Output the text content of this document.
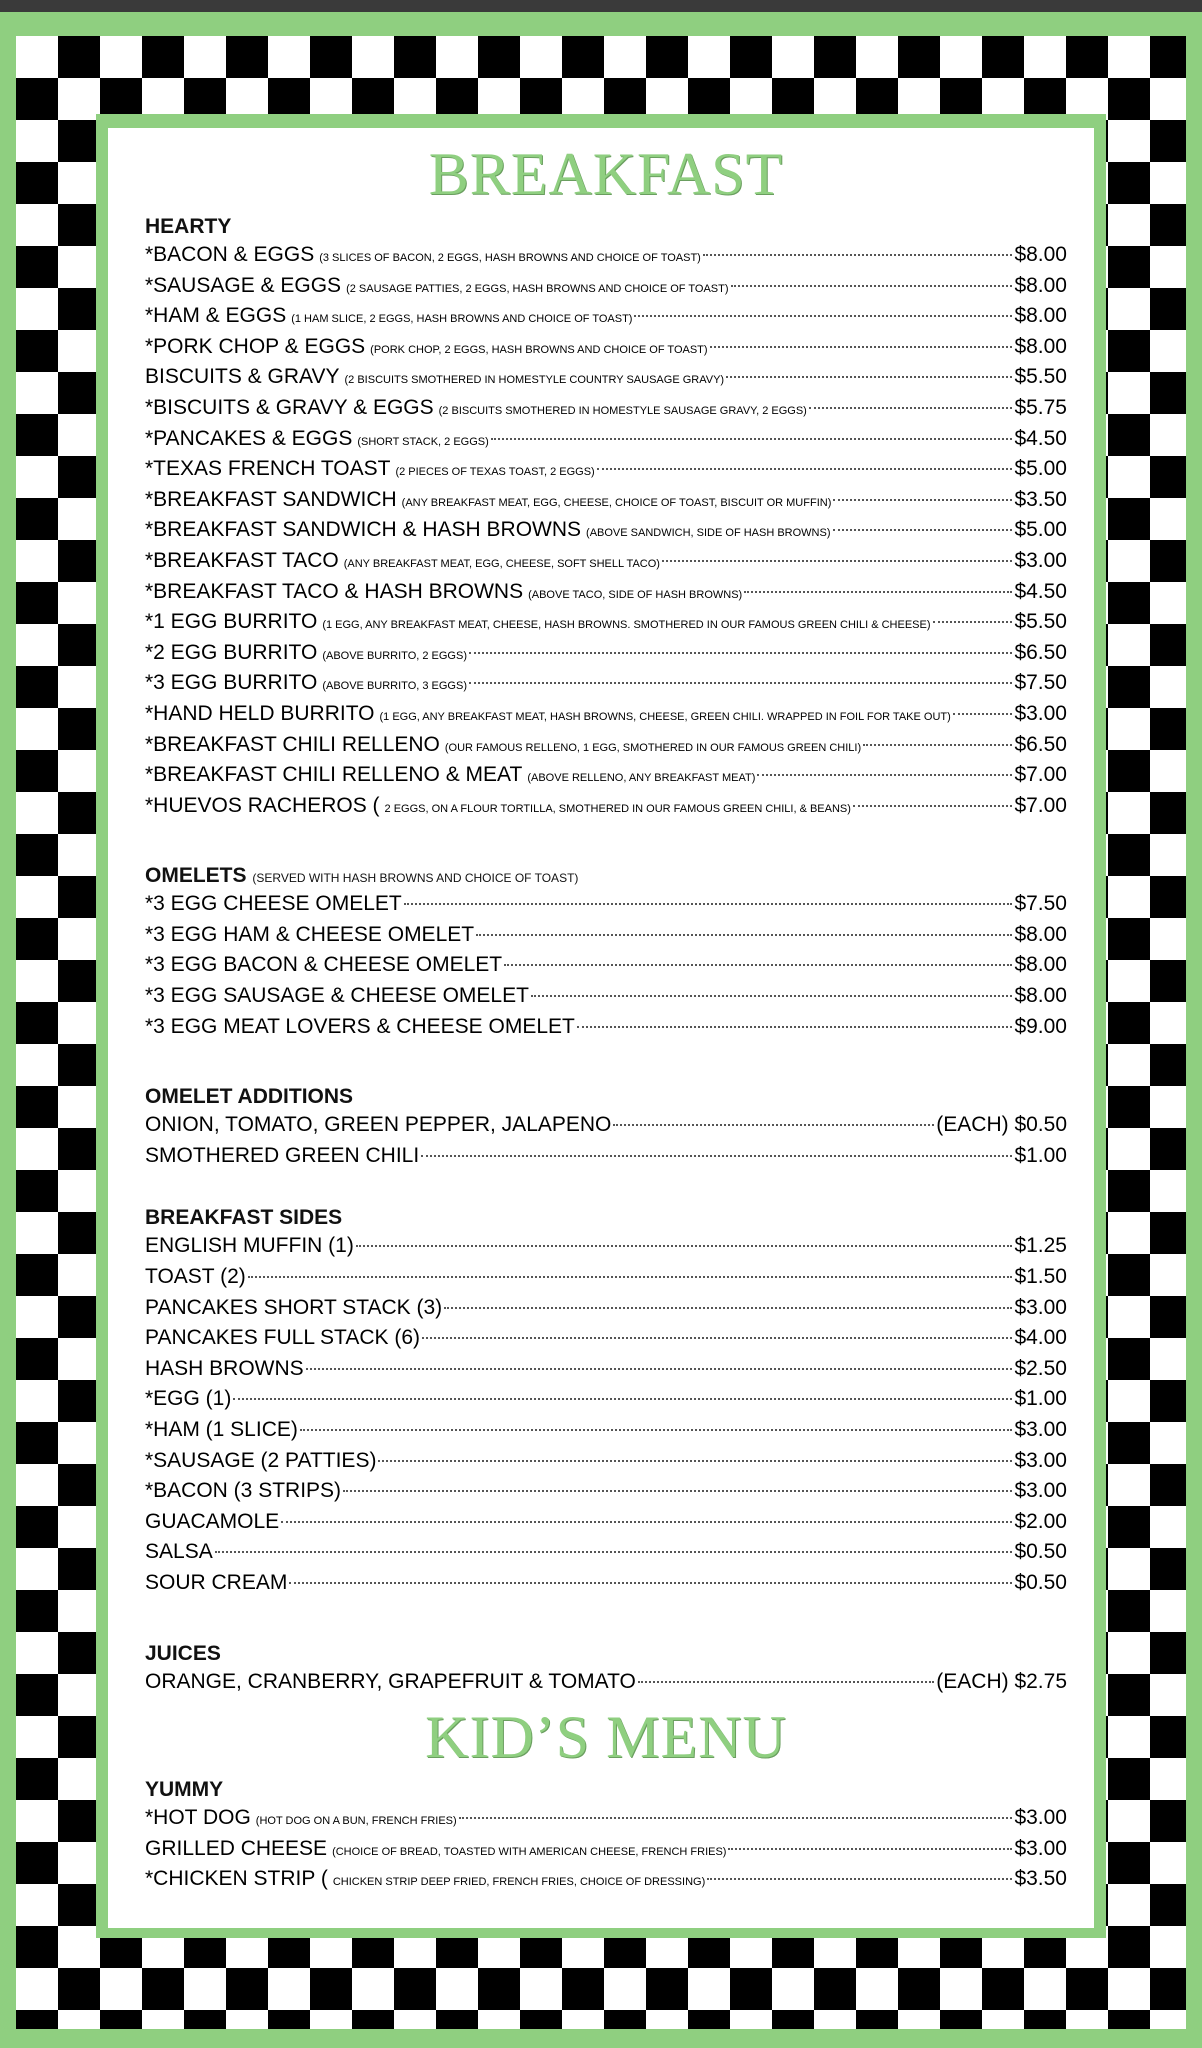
BREAKFAST
HEARTY
*BACON & EGGS (3 SLICES OF BACON, 2 EGGS, HASH BROWNS AND CHOICE OF TOAST)	$8.00
*SAUSAGE & EGGS (2 SAUSAGE PATTIES, 2 EGGS, HASH BROWNS AND CHOICE OF TOAST)	$8.00
*HAM & EGGS (1 HAM SLICE, 2 EGGS, HASH BROWNS AND CHOICE OF TOAST)	$8.00
*PORK CHOP & EGGS (PORK CHOP, 2 EGGS, HASH BROWNS AND CHOICE OF TOAST)	$8.00
BISCUITS & GRAVY (2 BISCUITS SMOTHERED IN HOMESTYLE COUNTRY SAUSAGE GRAVY)	$5.50
*BISCUITS & GRAVY & EGGS (2 BISCUITS SMOTHERED IN HOMESTYLE SAUSAGE GRAVY, 2 EGGS)	$5.75
*PANCAKES & EGGS (SHORT STACK, 2 EGGS)	$4.50
*TEXAS FRENCH TOAST (2 PIECES OF TEXAS TOAST, 2 EGGS)	$5.00
*BREAKFAST SANDWICH (ANY BREAKFAST MEAT, EGG, CHEESE, CHOICE OF TOAST, BISCUIT OR MUFFIN)	$3.50
*BREAKFAST SANDWICH & HASH BROWNS (ABOVE SANDWICH, SIDE OF HASH BROWNS)	$5.00
*BREAKFAST TACO (ANY BREAKFAST MEAT, EGG, CHEESE, SOFT SHELL TACO)	$3.00
*BREAKFAST TACO & HASH BROWNS (ABOVE TACO, SIDE OF HASH BROWNS)	$4.50
*1 EGG BURRITO (1 EGG, ANY BREAKFAST MEAT, CHEESE, HASH BROWNS. SMOTHERED IN OUR FAMOUS GREEN CHILI & CHEESE)	$5.50
*2 EGG BURRITO (ABOVE BURRITO, 2 EGGS)	$6.50
*3 EGG BURRITO (ABOVE BURRITO, 3 EGGS)	$7.50
*HAND HELD BURRITO (1 EGG, ANY BREAKFAST MEAT, HASH BROWNS, CHEESE, GREEN CHILI. WRAPPED IN FOIL FOR TAKE OUT)	$3.00
*BREAKFAST CHILI RELLENO (OUR FAMOUS RELLENO, 1 EGG, SMOTHERED IN OUR FAMOUS GREEN CHILI)	$6.50
*BREAKFAST CHILI RELLENO & MEAT (ABOVE RELLENO, ANY BREAKFAST MEAT)	$7.00
*HUEVOS RACHEROS ( 2 EGGS, ON A FLOUR TORTILLA, SMOTHERED IN OUR FAMOUS GREEN CHILI, & BEANS)	$7.00
OMELETS (SERVED WITH HASH BROWNS AND CHOICE OF TOAST)
*3 EGG CHEESE OMELET	$7.50
*3 EGG HAM & CHEESE OMELET	$8.00
*3 EGG BACON & CHEESE OMELET	$8.00
*3 EGG SAUSAGE & CHEESE OMELET	$8.00
*3 EGG MEAT LOVERS & CHEESE OMELET	$9.00
OMELET ADDITIONS
ONION, TOMATO, GREEN PEPPER, JALAPENO	(EACH) $0.50
SMOTHERED GREEN CHILI	$1.00
BREAKFAST SIDES
ENGLISH MUFFIN (1)	$1.25
TOAST (2)	$1.50
PANCAKES SHORT STACK (3)	$3.00
PANCAKES FULL STACK (6)	$4.00
HASH BROWNS	$2.50
*EGG (1)	$1.00
*HAM (1 SLICE)	$3.00
*SAUSAGE (2 PATTIES)	$3.00
*BACON (3 STRIPS)	$3.00
GUACAMOLE	$2.00
SALSA	$0.50
SOUR CREAM	$0.50
JUICES
ORANGE, CRANBERRY, GRAPEFRUIT & TOMATO	(EACH) $2.75
KID’S MENU
YUMMY
*HOT DOG (HOT DOG ON A BUN, FRENCH FRIES)	$3.00
GRILLED CHEESE (CHOICE OF BREAD, TOASTED WITH AMERICAN CHEESE, FRENCH FRIES)	$3.00
*CHICKEN STRIP ( CHICKEN STRIP DEEP FRIED, FRENCH FRIES, CHOICE OF DRESSING)	$3.50
